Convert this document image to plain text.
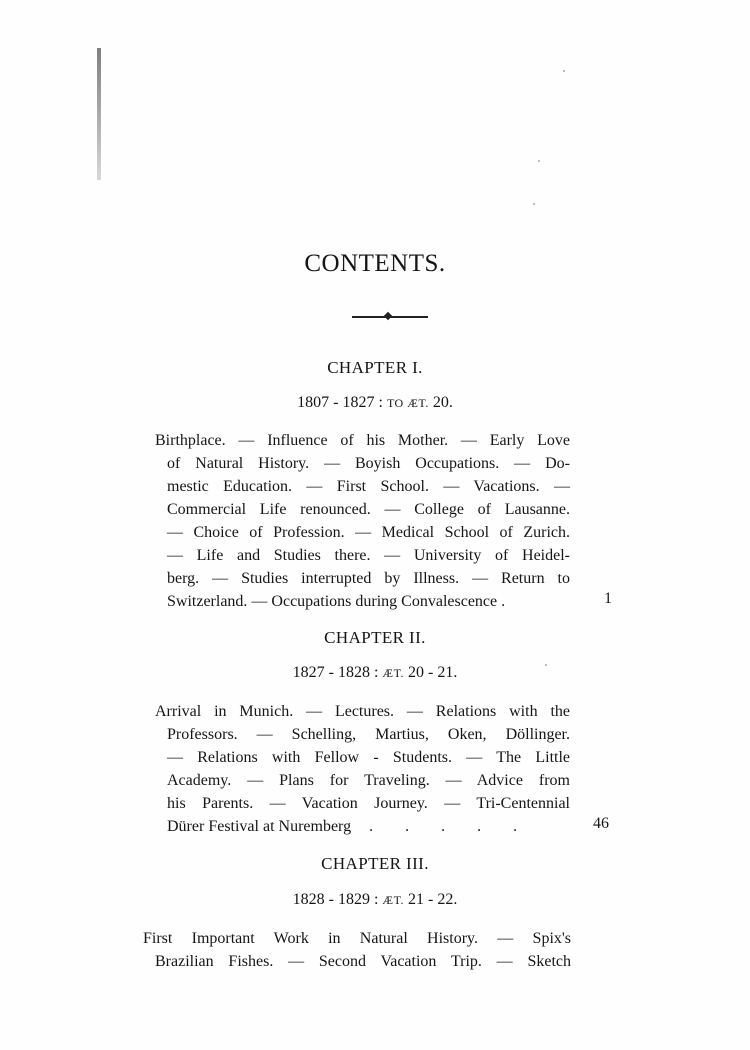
CONTENTS.
CHAPTER I.

1807 - 1827 : TO ÆT. 20.

Birthplace. — Influence of his Mother. — Early Love
of Natural History. — Boyish Occupations. — Do-
mestic Education. — First School. — Vacations. —
Commercial Life renounced. — College of Lausanne.
— Choice of Profession. — Medical School of Zurich.
— Life and Studies there. — University of Heidel-
berg. — Studies interrupted by Illness. — Return to
Switzerland. — Occupations during Convalescence .	1
CHAPTER II.

1827 - 1828 : ÆT. 20 - 21.

Arrival in Munich. — Lectures. — Relations with the
Professors. — Schelling, Martius, Oken, Döllinger.
— Relations with Fellow - Students. — The Little
Academy. — Plans for Traveling. — Advice from
his Parents. — Vacation Journey. — Tri-Centennial
Dürer Festival at Nuremberg . . . . .	46
CHAPTER III.

1828 - 1829 : ÆT. 21 - 22.

First Important Work in Natural History. — Spix's
Brazilian Fishes. — Second Vacation Trip. — Sketch
